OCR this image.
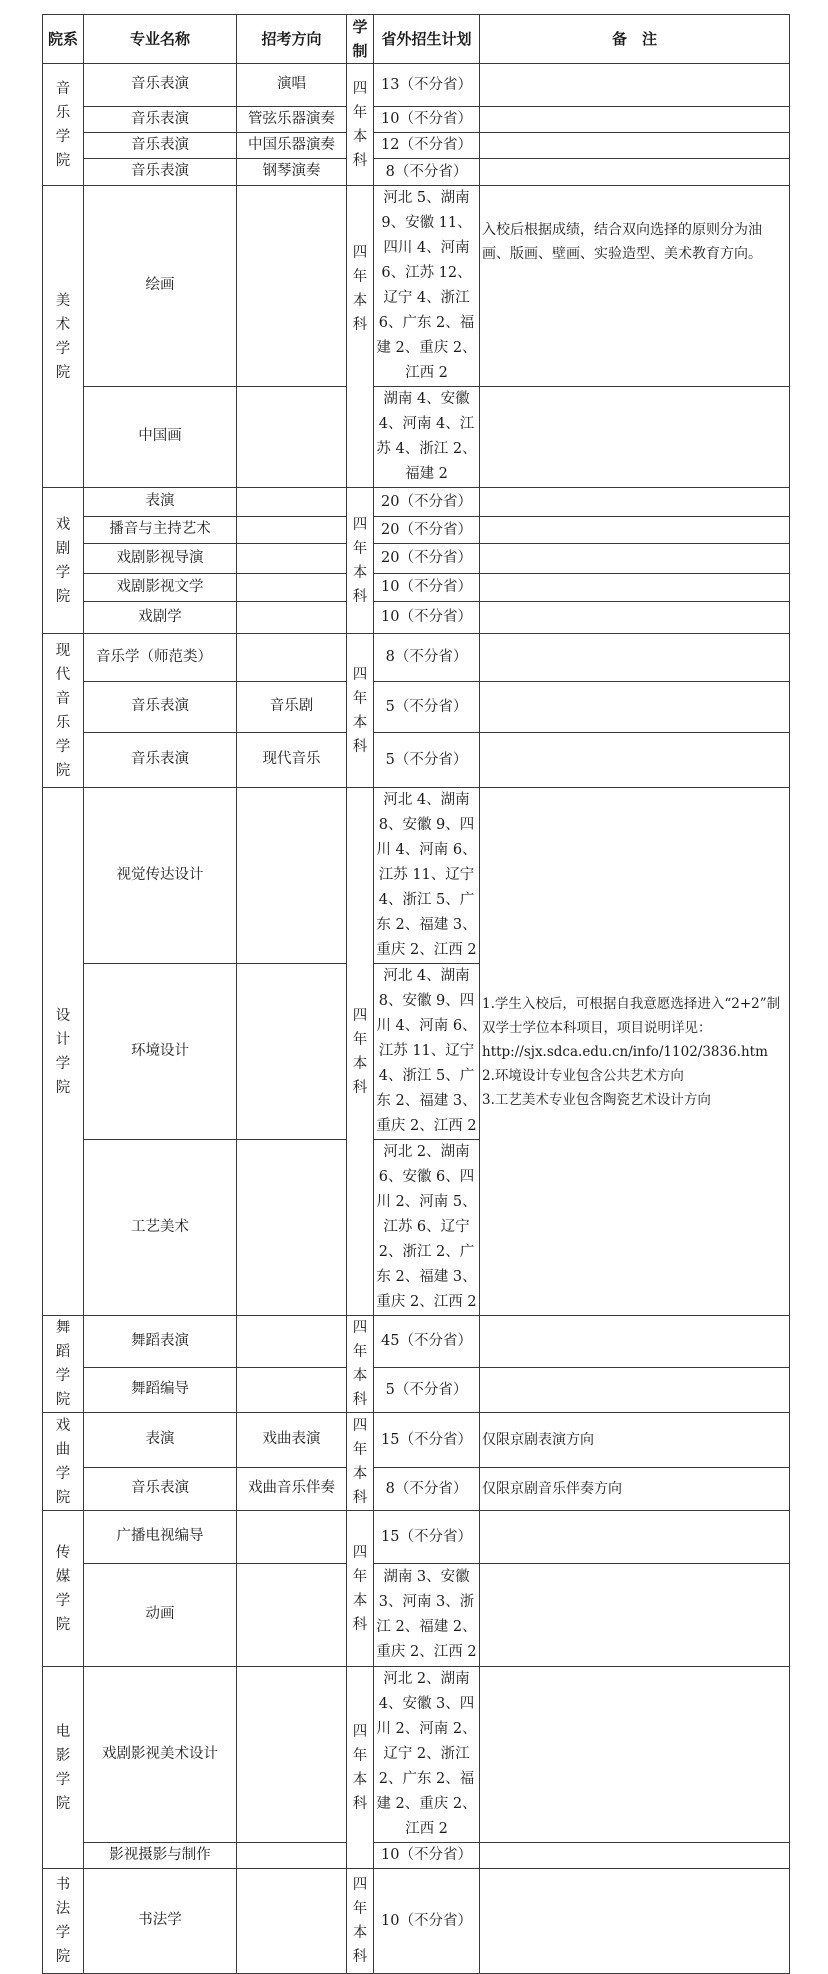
院系	专业名称	招考方向	学制	省外招生计划	备　注

音乐学院	音乐表演	演唱	四年本科	13（不分省）	
	音乐表演	管弦乐器演奏		10（不分省）	
	音乐表演	中国乐器演奏		12（不分省）	
	音乐表演	钢琴演奏		8（不分省）	

美术学院	绘画		四年本科	河北 5、湖南 9、安徽 11、四川 4、河南 6、江苏 12、辽宁 4、浙江 6、广东 2、福建 2、重庆 2、江西 2	入校后根据成绩，结合双向选择的原则分为油画、版画、壁画、实验造型、美术教育方向。
	中国画			湖南 4、安徽 4、河南 4、江苏 4、浙江 2、福建 2	

戏剧学院	表演		四年本科	20（不分省）	
	播音与主持艺术			20（不分省）	
	戏剧影视导演			20（不分省）	
	戏剧影视文学			10（不分省）	
	戏剧学			10（不分省）	

现代音乐学院	音乐学（师范类）		四年本科	8（不分省）	
	音乐表演	音乐剧		5（不分省）	
	音乐表演	现代音乐		5（不分省）	

设计学院	视觉传达设计		四年本科	河北 4、湖南 8、安徽 9、四川 4、河南 6、江苏 11、辽宁 4、浙江 5、广东 2、福建 3、重庆 2、江西 2	1.学生入校后，可根据自我意愿选择进入“2+2”制双学士学位本科项目，项目说明详见：
http://sjx.sdca.edu.cn/info/1102/3836.htm
2.环境设计专业包含公共艺术方向
3.工艺美术专业包含陶瓷艺术设计方向

	环境设计			河北 4、湖南 8、安徽 9、四川 4、河南 6、江苏 11、辽宁 4、浙江 5、广东 2、福建 3、重庆 2、江西 2	
	工艺美术			河北 2、湖南 6、安徽 6、四川 2、河南 5、江苏 6、辽宁 2、浙江 2、广东 2、福建 3、重庆 2、江西 2	

舞蹈学院	舞蹈表演		四年本科	45（不分省）	
	舞蹈编导			5（不分省）	

戏曲学院	表演	戏曲表演	四年本科	15（不分省）	仅限京剧表演方向
	音乐表演	戏曲音乐伴奏		8（不分省）	仅限京剧音乐伴奏方向

传媒学院	广播电视编导		四年本科	15（不分省）	
	动画			湖南 3、安徽 3、河南 3、浙江 2、福建 2、重庆 2、江西 2	

电影学院	戏剧影视美术设计		四年本科	河北 2、湖南 4、安徽 3、四川 2、河南 2、辽宁 2、浙江 2、广东 2、福建 2、重庆 2、江西 2	
	影视摄影与制作			10（不分省）	

书法学院	书法学		四年本科	10（不分省）	
